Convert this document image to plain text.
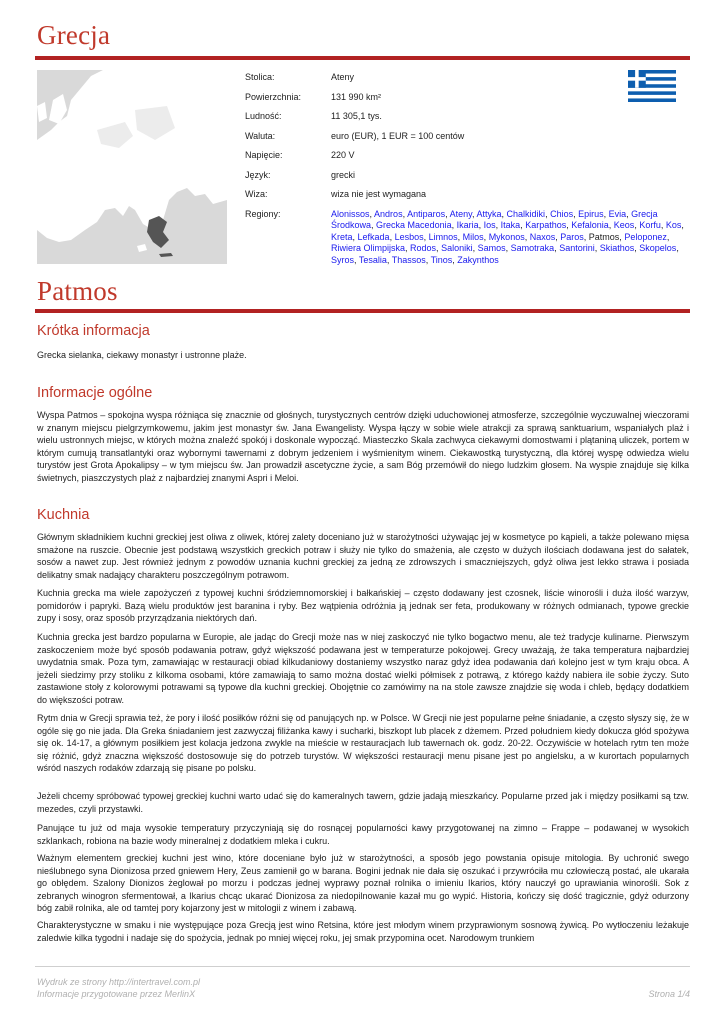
Grecja
Stolica:	Ateny
Powierzchnia:	131 990 km²
Ludność:	11 305,1 tys.
Waluta:	euro (EUR), 1 EUR = 100 centów
Napięcie:	220 V
Język:	grecki
Wiza:	wiza nie jest wymagana
Regiony:	Alonissos, Andros, Antiparos, Ateny, Attyka, Chalkidiki, Chios, Epirus, Evia, Grecja Środkowa, Grecka Macedonia, Ikaria, Ios, Itaka, Karpathos, Kefalonia, Keos, Korfu, Kos, Kreta, Lefkada, Lesbos, Limnos, Milos, Mykonos, Naxos, Paros, Patmos, Peloponez, Riwiera Olimpijska, Rodos, Saloniki, Samos, Samotraka, Santorini, Skiathos, Skopelos, Syros, Tesalia, Thassos, Tinos, Zakynthos
Patmos
Krótka informacja

Grecka sielanka, ciekawy monastyr i ustronne plaże.

Informacje ogólne

Wyspa Patmos – spokojna wyspa różniąca się znacznie od głośnych, turystycznych centrów dzięki uduchowionej atmosferze, szczególnie wyczuwalnej wieczorami w znanym miejscu pielgrzymkowemu, jakim jest monastyr św. Jana Ewangelisty. Wyspa łączy w sobie wiele atrakcji za sprawą sanktuarium, wspaniałych plaż i wielu ustronnych miejsc, w których można znaleźć spokój i doskonale wypocząć. Miasteczko Skala zachwyca ciekawymi domostwami i plątaniną uliczek, portem w którym cumują transatlantyki oraz wybornymi tawernami z dobrym jedzeniem i wyśmienitym winem. Ciekawostką turystyczną, dla której wyspę odwiedza wielu turystów jest Grota Apokalipsy – w tym miejscu św. Jan prowadził ascetyczne życie, a sam Bóg przemówił do niego ludzkim głosem. Na wyspie znajduje się kilka świetnych, piaszczystych plaż z najbardziej znanymi Aspri i Meloi.

Kuchnia

Głównym składnikiem kuchni greckiej jest oliwa z oliwek, której zalety doceniano już w starożytności używając jej w kosmetyce po kąpieli, a także polewano mięsa smażone na ruszcie. Obecnie jest podstawą wszystkich greckich potraw i służy nie tylko do smażenia, ale często w dużych ilościach dodawana jest do sałatek, sosów a nawet zup. Jest również jednym z powodów uznania kuchni greckiej za jedną ze zdrowszych i smaczniejszych, gdyż oliwa jest lekko strawa i posiada delikatny smak nadający charakteru poszczególnym potrawom.

Kuchnia grecka ma wiele zapożyczeń z typowej kuchni śródziemnomorskiej i bałkańskiej – często dodawany jest czosnek, liście winorośli i duża ilość warzyw, pomidorów i papryki. Bazą wielu produktów jest baranina i ryby. Bez wątpienia odróżnia ją jednak ser feta, produkowany w różnych odmianach, typowe greckie zupy i sosy, oraz sposób przyrządzania niektórych dań.

Kuchnia grecka jest bardzo popularna w Europie, ale jadąc do Grecji może nas w niej zaskoczyć nie tylko bogactwo menu, ale też tradycje kulinarne. Pierwszym zaskoczeniem może być sposób podawania potraw, gdyż większość podawana jest w temperaturze pokojowej. Grecy uważają, że taka temperatura najbardziej uwydatnia smak. Poza tym, zamawiając w restauracji obiad kilkudaniowy dostaniemy wszystko naraz gdyż idea podawania dań kolejno jest w tym kraju obca. A jeżeli siedzimy przy stoliku z kilkoma osobami, które zamawiają to samo można dostać wielki półmisek z potrawą, z którego każdy nabiera ile sobie życzy. Suto zastawione stoły z kolorowymi potrawami są typowe dla kuchni greckiej. Obojętnie co zamówimy na na stole zawsze znajdzie się woda i chleb, będący dodatkiem do większości potraw.

Rytm dnia w Grecji sprawia też, że pory i ilość posiłków różni się od panujących np. w Polsce. W Grecji nie jest popularne pełne śniadanie, a często słyszy się, że w ogóle się go nie jada. Dla Greka śniadaniem jest zazwyczaj filiżanka kawy i sucharki, biszkopt lub placek z dżemem. Przed południem kiedy dokucza głód spożywa się ok. 14-17, a głównym posiłkiem jest kolacja jedzona zwykle na mieście w restauracjach lub tawernach ok. godz. 20-22. Oczywiście w hotelach rytm ten może się różnić, gdyż znaczna większość dostosowuje się do potrzeb turystów. W większości restauracji menu pisane jest po angielsku, a w kurortach popularnych wśród naszych rodaków zdarzają się pisane po polsku.

Jeżeli chcemy spróbować typowej greckiej kuchni warto udać się do kameralnych tawern, gdzie jadają mieszkańcy. Popularne przed jak i między posiłkami są tzw. mezedes, czyli przystawki.

Panujące tu już od maja wysokie temperatury przyczyniają się do rosnącej popularności kawy przygotowanej na zimno – Frappe – podawanej w wysokich szklankach, robiona na bazie wody mineralnej z dodatkiem mleka i cukru.

Ważnym elementem greckiej kuchni jest wino, które doceniane było już w starożytności, a sposób jego powstania opisuje mitologia. By uchronić swego nieślubnego syna Dionizosa przed gniewem Hery, Zeus zamienił go w barana. Bogini jednak nie dała się oszukać i przywróciła mu człowieczą postać, ale ukarała go obłędem. Szalony Dionizos żeglował po morzu i podczas jednej wyprawy poznał rolnika o imieniu Ikarios, który nauczył go uprawiania winorośli. Sok z zebranych winogron sfermentował, a Ikarius chcąc ukarać Dionizosa za niedopilnowanie kazał mu go wypić. Historia, kończy się dość tragicznie, gdyż odurzony bóg zabił rolnika, ale od tamtej pory kojarzony jest w mitologii z winem i zabawą.

Charakterystyczne w smaku i nie występujące poza Grecją jest wino Retsina, które jest młodym winem przyprawionym sosnową żywicą. Po wytłoczeniu leżakuje zaledwie kilka tygodni i nadaje się do spożycia, jednak po mniej więcej roku, jej smak przypomina ocet. Narodowym trunkiem

Wydruk ze strony http://intertravel.com.pl

Informacje przygotowane przez MerlinX	Strona 1/4
